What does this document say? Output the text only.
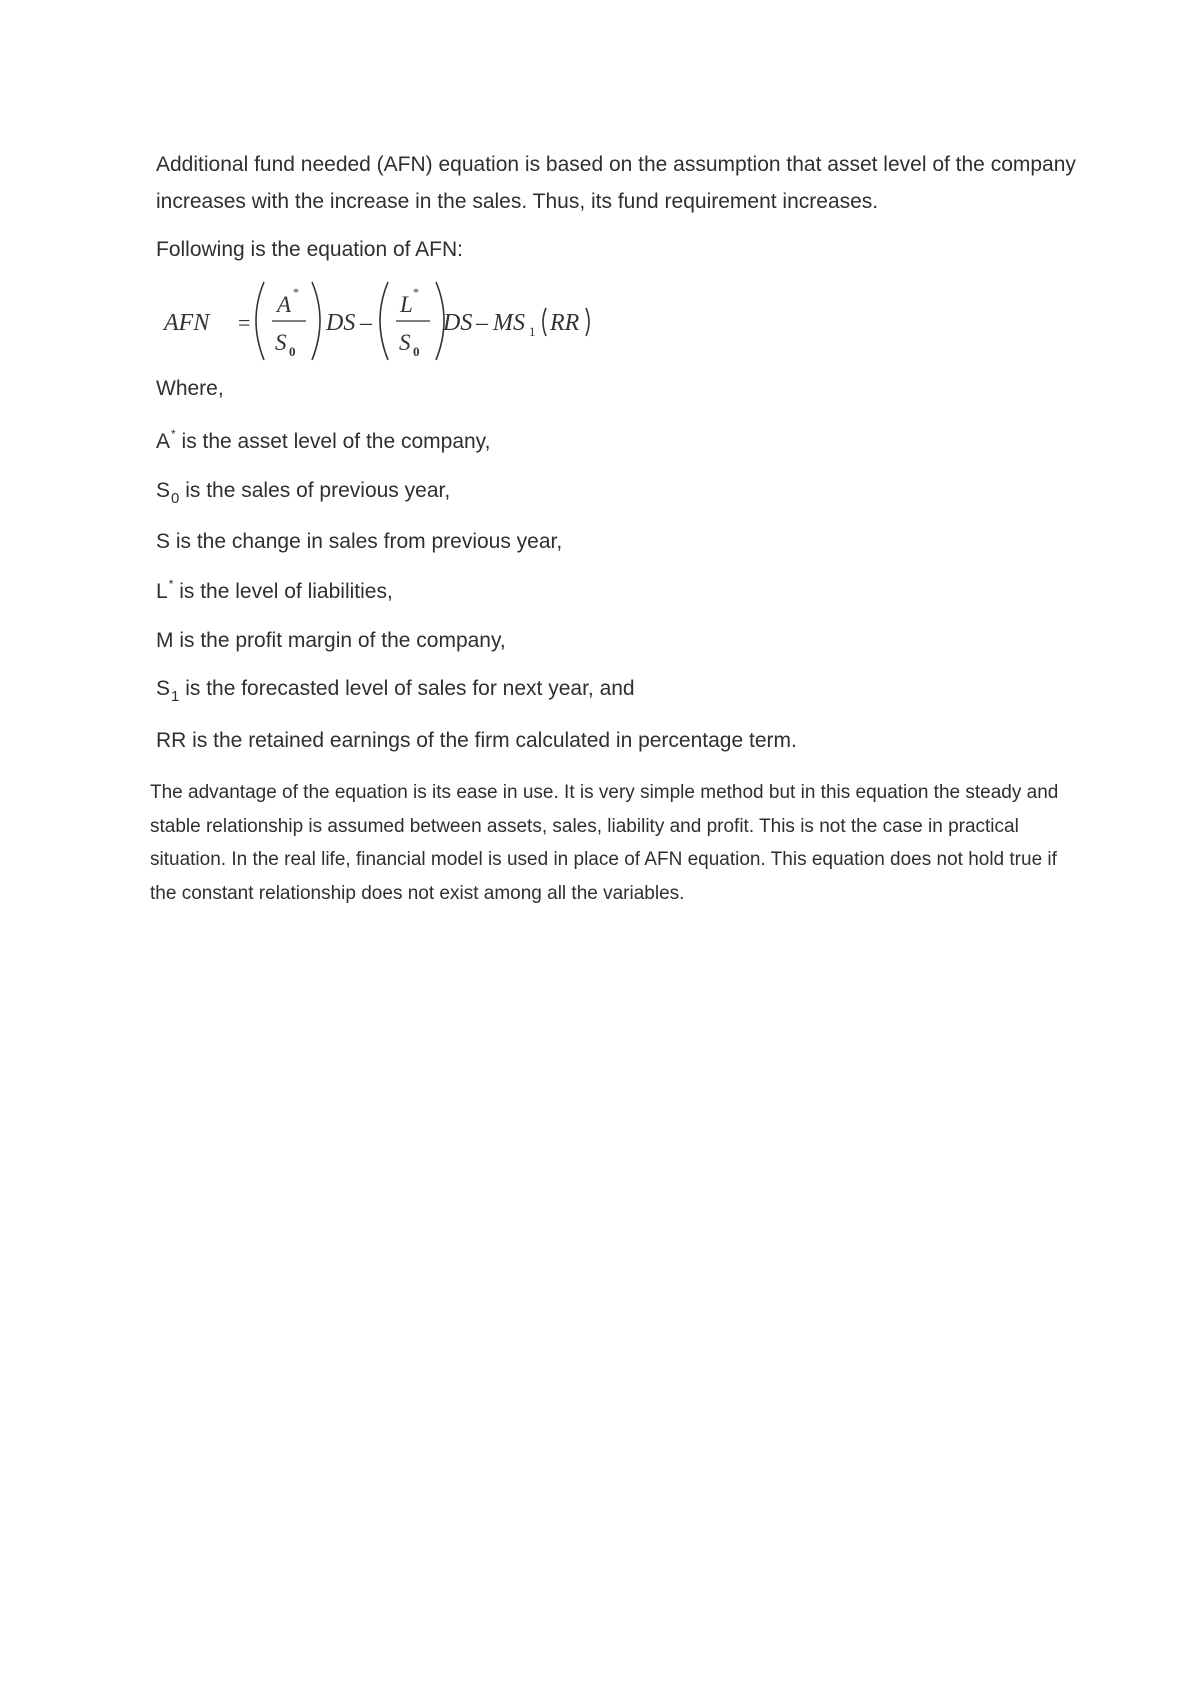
Additional fund needed (AFN) equation is based on the assumption that asset level of the company increases with the increase in the sales. Thus, its fund requirement increases.

Following is the equation of AFN:

AFN =
A *
S 0
DS –
L *
S 0
DS – MS 1 RR

Where,

A* is the asset level of the company,

$S_0$ is the sales of previous year,

S is the change in sales from previous year,

L* is the level of liabilities,

M is the profit margin of the company,

$S_1$ is the forecasted level of sales for next year, and

RR is the retained earnings of the firm calculated in percentage term.

The advantage of the equation is its ease in use. It is very simple method but in this equation the steady and stable relationship is assumed between assets, sales, liability and profit. This is not the case in practical situation. In the real life, financial model is used in place of AFN equation. This equation does not hold true if the constant relationship does not exist among all the variables.
